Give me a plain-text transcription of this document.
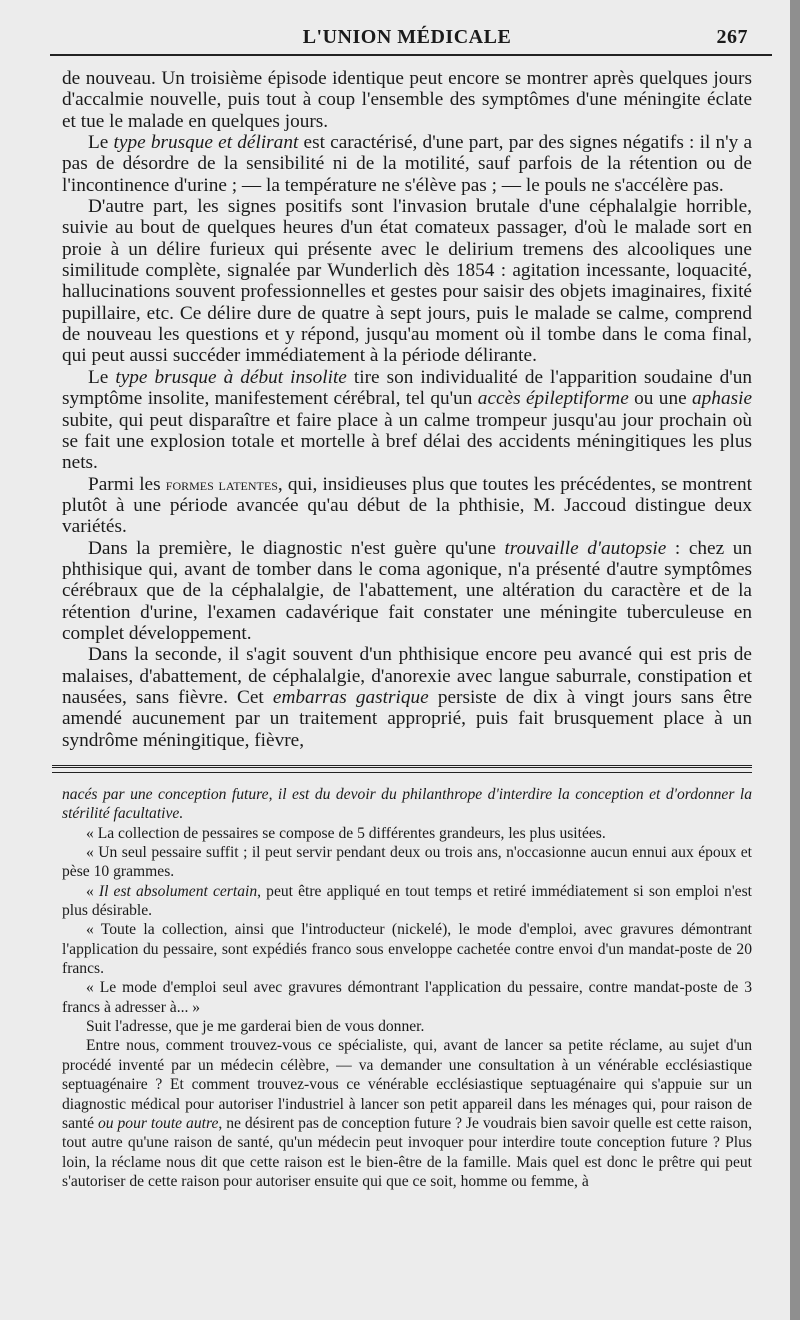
L'UNION MÉDICALE	267

de nouveau. Un troisième épisode identique peut encore se montrer après quelques jours d'accalmie nouvelle, puis tout à coup l'ensemble des symptômes d'une méningite éclate et tue le malade en quelques jours.

Le type brusque et délirant est caractérisé, d'une part, par des signes négatifs : il n'y a pas de désordre de la sensibilité ni de la motilité, sauf parfois de la rétention ou de l'incontinence d'urine ; — la température ne s'élève pas ; — le pouls ne s'accélère pas.

D'autre part, les signes positifs sont l'invasion brutale d'une céphalalgie horrible, suivie au bout de quelques heures d'un état comateux passager, d'où le malade sort en proie à un délire furieux qui présente avec le delirium tremens des alcooliques une similitude complète, signalée par Wunderlich dès 1854 : agitation incessante, loquacité, hallucinations souvent professionnelles et gestes pour saisir des objets imaginaires, fixité pupillaire, etc. Ce délire dure de quatre à sept jours, puis le malade se calme, comprend de nouveau les questions et y répond, jusqu'au moment où il tombe dans le coma final, qui peut aussi succéder immédiatement à la période délirante.

Le type brusque à début insolite tire son individualité de l'apparition soudaine d'un symptôme insolite, manifestement cérébral, tel qu'un accès épileptiforme ou une aphasie subite, qui peut disparaître et faire place à un calme trompeur jusqu'au jour prochain où se fait une explosion totale et mortelle à bref délai des accidents méningitiques les plus nets.

Parmi les formes latentes, qui, insidieuses plus que toutes les précédentes, se montrent plutôt à une période avancée qu'au début de la phthisie, M. Jaccoud distingue deux variétés.

Dans la première, le diagnostic n'est guère qu'une trouvaille d'autopsie : chez un phthisique qui, avant de tomber dans le coma agonique, n'a présenté d'autre symptômes cérébraux que de la céphalalgie, de l'abattement, une altération du caractère et de la rétention d'urine, l'examen cadavérique fait constater une méningite tuberculeuse en complet développement.

Dans la seconde, il s'agit souvent d'un phthisique encore peu avancé qui est pris de malaises, d'abattement, de céphalalgie, d'anorexie avec langue saburrale, constipation et nausées, sans fièvre. Cet embarras gastrique persiste de dix à vingt jours sans être amendé aucunement par un traitement approprié, puis fait brusquement place à un syndrôme méningitique, fièvre,

nacés par une conception future, il est du devoir du philanthrope d'interdire la conception et d'ordonner la stérilité facultative.

« La collection de pessaires se compose de 5 différentes grandeurs, les plus usitées.

« Un seul pessaire suffit ; il peut servir pendant deux ou trois ans, n'occasionne aucun ennui aux époux et pèse 10 grammes.

« Il est absolument certain, peut être appliqué en tout temps et retiré immédiatement si son emploi n'est plus désirable.

« Toute la collection, ainsi que l'introducteur (nickelé), le mode d'emploi, avec gravures démontrant l'application du pessaire, sont expédiés franco sous enveloppe cachetée contre envoi d'un mandat-poste de 20 francs.

« Le mode d'emploi seul avec gravures démontrant l'application du pessaire, contre mandat-poste de 3 francs à adresser à... »

Suit l'adresse, que je me garderai bien de vous donner.

Entre nous, comment trouvez-vous ce spécialiste, qui, avant de lancer sa petite réclame, au sujet d'un procédé inventé par un médecin célèbre, — va demander une consultation à un vénérable ecclésiastique septuagénaire ? Et comment trouvez-vous ce vénérable ecclésiastique septuagénaire qui s'appuie sur un diagnostic médical pour autoriser l'industriel à lancer son petit appareil dans les ménages qui, pour raison de santé ou pour toute autre, ne désirent pas de conception future ? Je voudrais bien savoir quelle est cette raison, tout autre qu'une raison de santé, qu'un médecin peut invoquer pour interdire toute conception future ? Plus loin, la réclame nous dit que cette raison est le bien-être de la famille. Mais quel est donc le prêtre qui peut s'autoriser de cette raison pour autoriser ensuite qui que ce soit, homme ou femme, à
